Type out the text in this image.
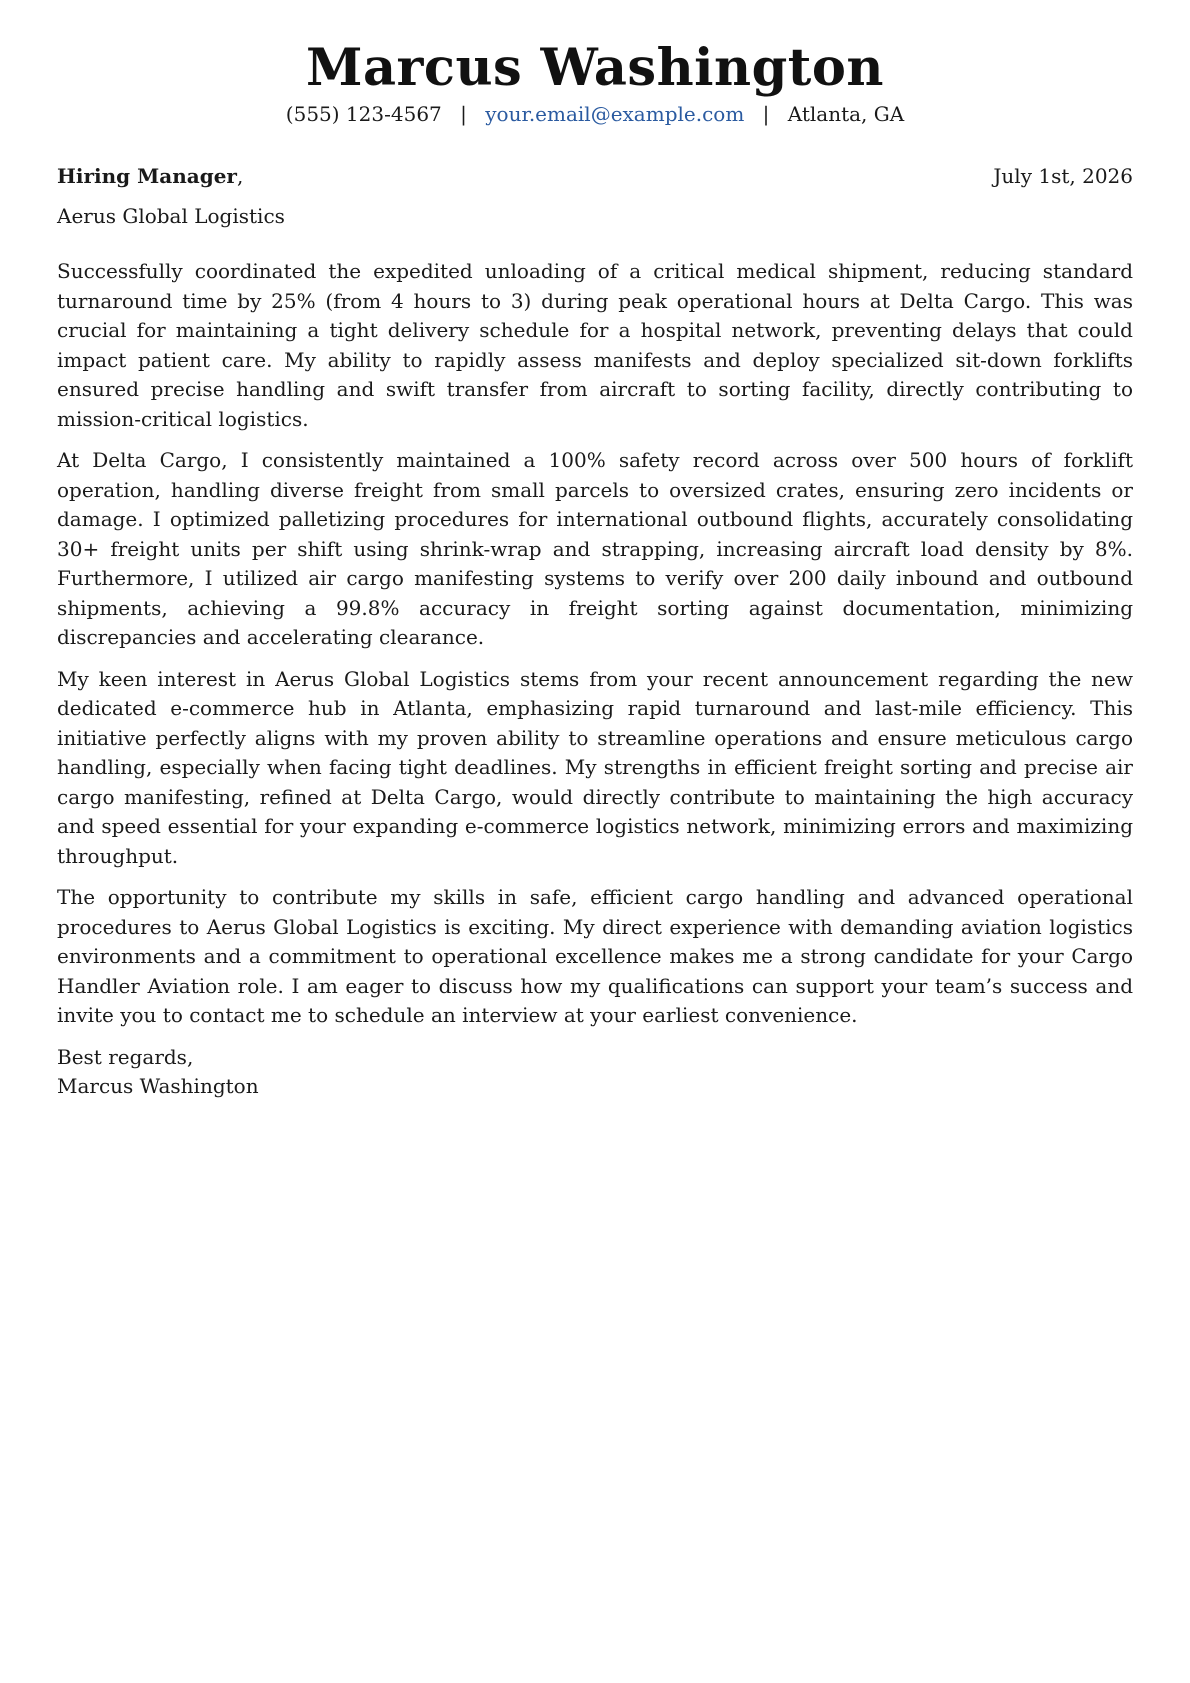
Marcus Washington
(555) 123-4567 | your.email@example.com | Atlanta, GA
Hiring Manager,	July 1st, 2026
Aerus Global Logistics

Successfully coordinated the expedited unloading of a critical medical shipment, reducing standard turnaround time by 25% (from 4 hours to 3) during peak operational hours at Delta Cargo. This was crucial for maintaining a tight delivery schedule for a hospital network, preventing delays that could impact patient care. My ability to rapidly assess manifests and deploy specialized sit-down forklifts ensured precise handling and swift transfer from aircraft to sorting facility, directly contributing to mission-critical logistics.

At Delta Cargo, I consistently maintained a 100% safety record across over 500 hours of forklift operation, handling diverse freight from small parcels to oversized crates, ensuring zero incidents or damage. I optimized palletizing procedures for international outbound flights, accurately consolidating 30+ freight units per shift using shrink-wrap and strapping, increasing aircraft load density by 8%. Furthermore, I utilized air cargo manifesting systems to verify over 200 daily inbound and outbound shipments, achieving a 99.8% accuracy in freight sorting against documentation, minimizing discrepancies and accelerating clearance.

My keen interest in Aerus Global Logistics stems from your recent announcement regarding the new dedicated e-commerce hub in Atlanta, emphasizing rapid turnaround and last-mile efficiency. This initiative perfectly aligns with my proven ability to streamline operations and ensure meticulous cargo handling, especially when facing tight deadlines. My strengths in efficient freight sorting and precise air cargo manifesting, refined at Delta Cargo, would directly contribute to maintaining the high accuracy and speed essential for your expanding e-commerce logistics network, minimizing errors and maximizing throughput.

The opportunity to contribute my skills in safe, efficient cargo handling and advanced operational procedures to Aerus Global Logistics is exciting. My direct experience with demanding aviation logistics environments and a commitment to operational excellence makes me a strong candidate for your Cargo Handler Aviation role. I am eager to discuss how my qualifications can support your team’s success and invite you to contact me to schedule an interview at your earliest convenience.

Best regards,
Marcus Washington
